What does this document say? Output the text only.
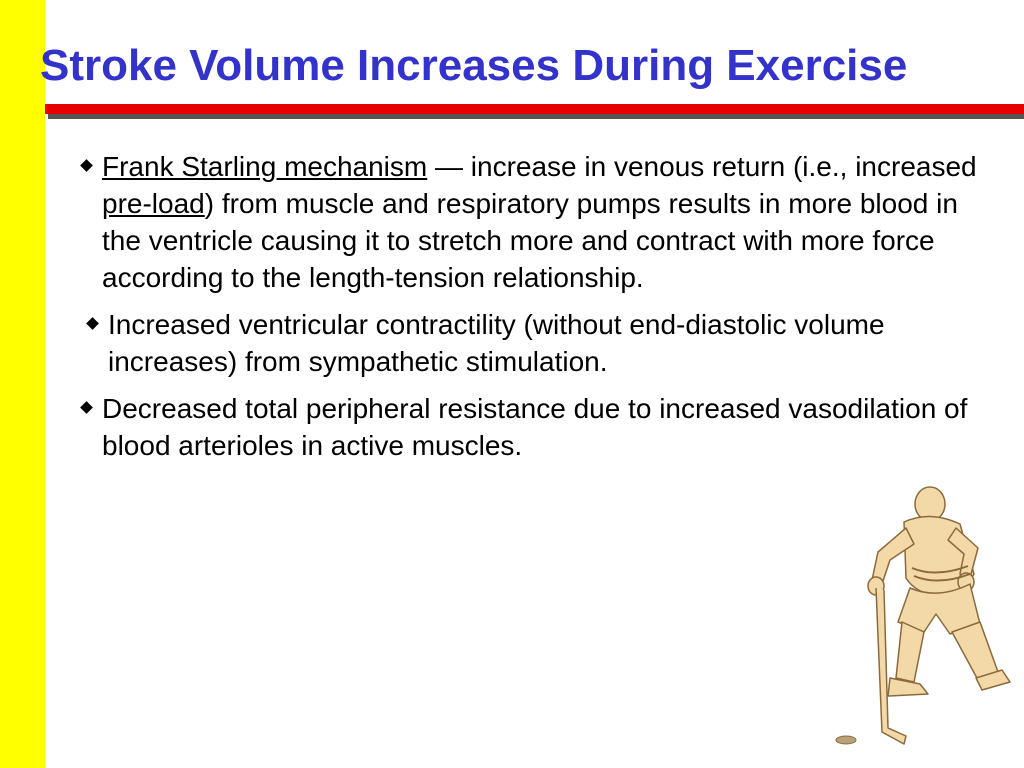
Stroke Volume Increases During Exercise
Frank Starling mechanism — increase in venous return (i.e., increased pre-load) from muscle and respiratory pumps results in more blood in the ventricle causing it to stretch more and contract with more force according to the length-tension relationship.
Increased ventricular contractility (without end-diastolic volume increases) from sympathetic stimulation.
Decreased total peripheral resistance due to increased vasodilation of blood arterioles in active muscles.
